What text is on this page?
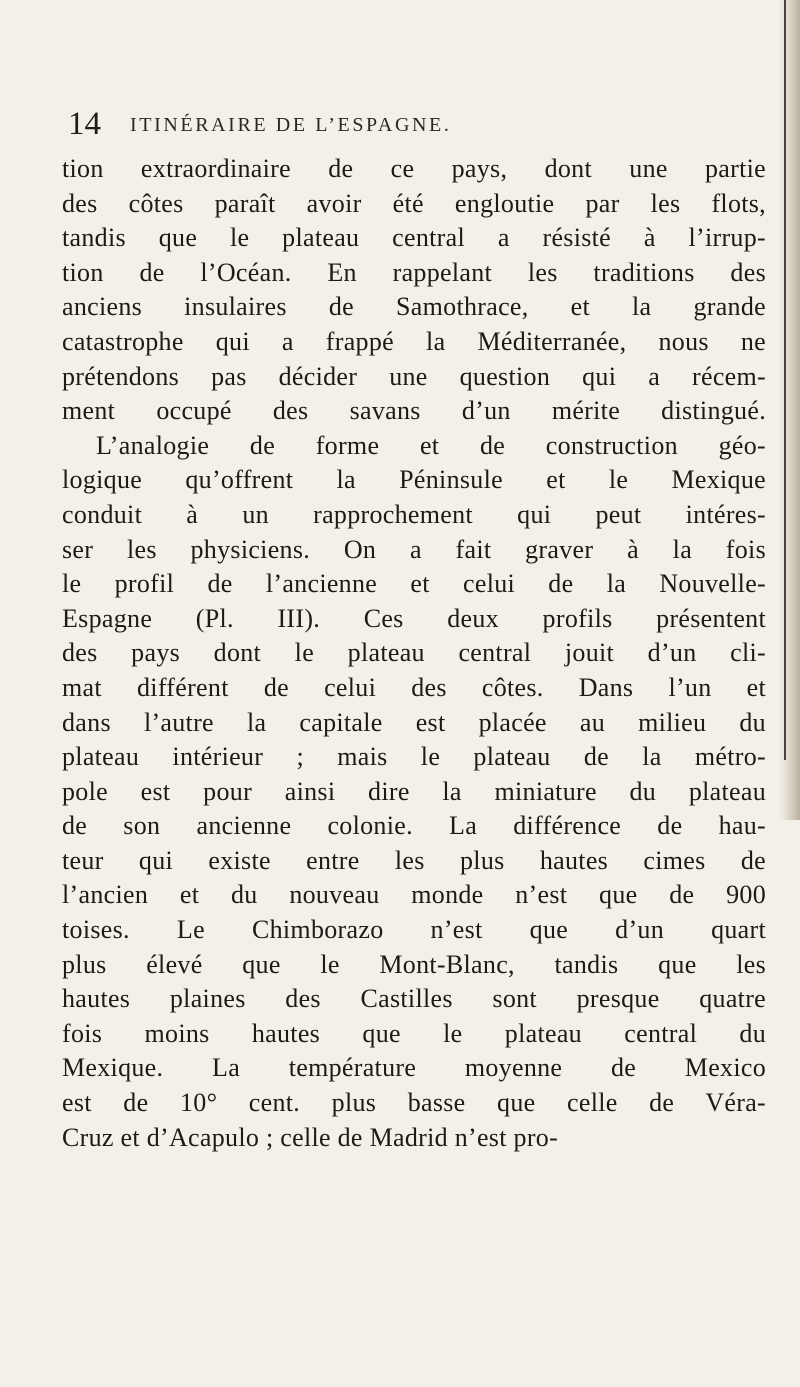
14 ITINÉRAIRE DE L’ESPAGNE.
tion extraordinaire de ce pays, dont une partie
des côtes paraît avoir été engloutie par les flots,
tandis que le plateau central a résisté à l’irrup-
tion de l’Océan. En rappelant les traditions des
anciens insulaires de Samothrace, et la grande
catastrophe qui a frappé la Méditerranée, nous ne
prétendons pas décider une question qui a récem-
ment occupé des savans d’un mérite distingué.
L’analogie de forme et de construction géo-
logique qu’offrent la Péninsule et le Mexique
conduit à un rapprochement qui peut intéres-
ser les physiciens. On a fait graver à la fois
le profil de l’ancienne et celui de la Nouvelle-
Espagne (Pl. III). Ces deux profils présentent
des pays dont le plateau central jouit d’un cli-
mat différent de celui des côtes. Dans l’un et
dans l’autre la capitale est placée au milieu du
plateau intérieur ; mais le plateau de la métro-
pole est pour ainsi dire la miniature du plateau
de son ancienne colonie. La différence de hau-
teur qui existe entre les plus hautes cimes de
l’ancien et du nouveau monde n’est que de 900
toises. Le Chimborazo n’est que d’un quart
plus élevé que le Mont-Blanc, tandis que les
hautes plaines des Castilles sont presque quatre
fois moins hautes que le plateau central du
Mexique. La température moyenne de Mexico
est de 10° cent. plus basse que celle de Véra-
Cruz et d’Acapulo ; celle de Madrid n’est pro-
